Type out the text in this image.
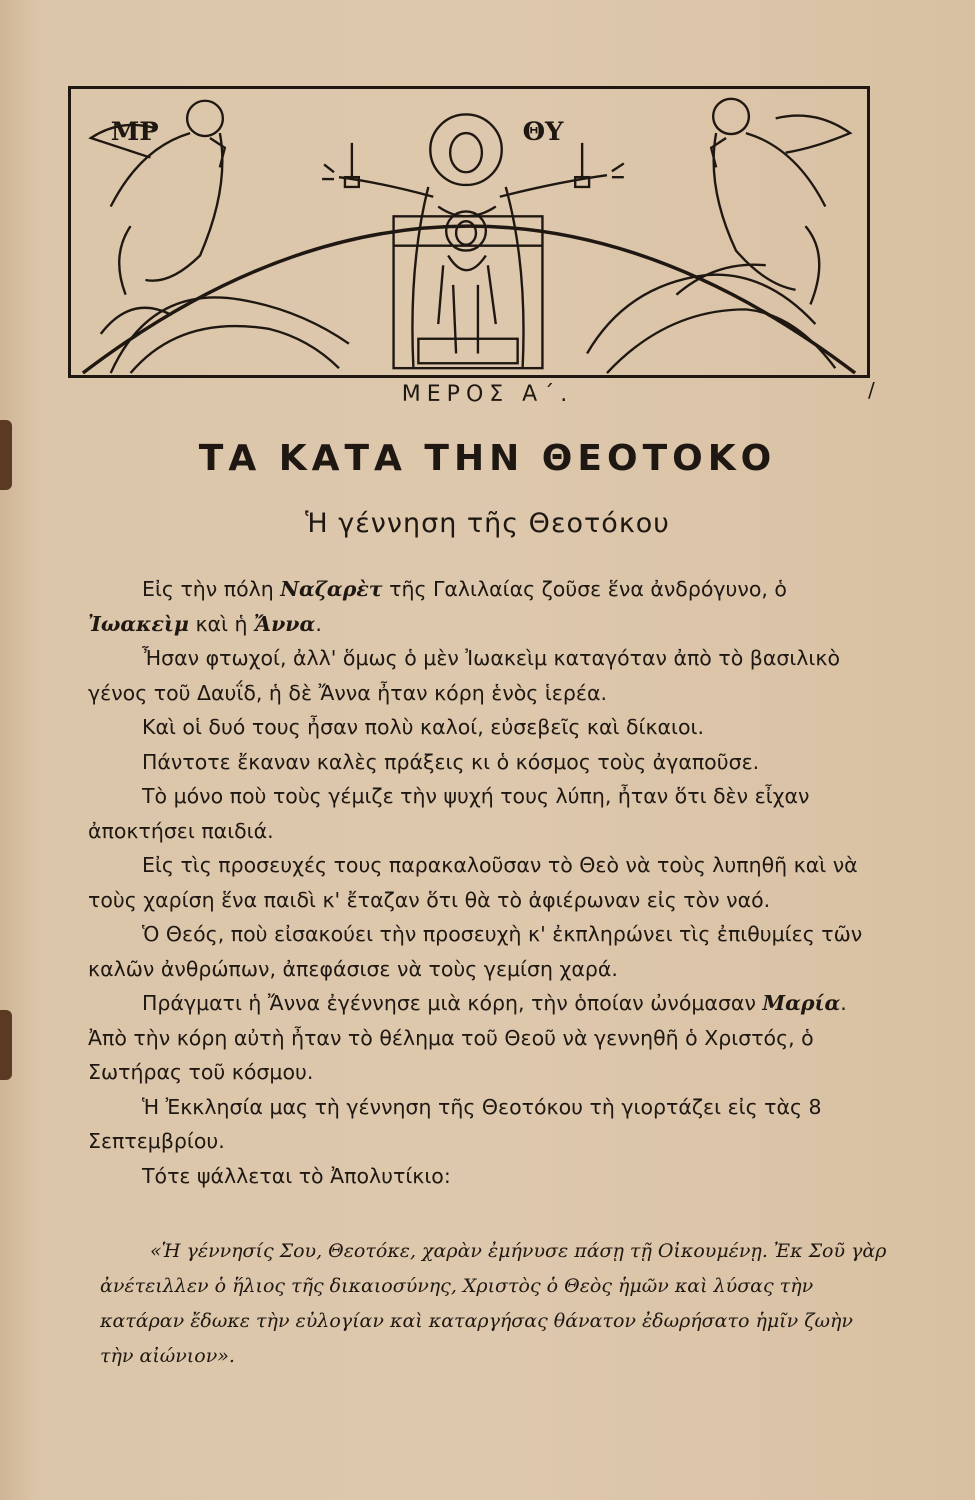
ΜΡ	ΘΥ
/
ΜΕΡΟΣ Α΄.
ΤΑ ΚΑΤΑ ΤΗΝ ΘΕΟΤΟΚΟ
Ἡ γέννηση τῆς Θεοτόκου

Εἰς τὴν πόλη Ναζαρὲτ τῆς Γαλιλαίας ζοῦσε ἕνα ἀνδρόγυνο, ὁ Ἰωακεὶμ καὶ ἡ Ἄννα.

Ἦσαν φτωχοί, ἀλλ' ὅμως ὁ μὲν Ἰωακεὶμ καταγόταν ἀπὸ τὸ βασιλικὸ γένος τοῦ Δαυΐδ, ἡ δὲ Ἄννα ἦταν κόρη ἑνὸς ἱερέα.

Καὶ οἱ δυό τους ἦσαν πολὺ καλοί, εὐσεβεῖς καὶ δίκαιοι.

Πάντοτε ἔκαναν καλὲς πράξεις κι ὁ κόσμος τοὺς ἀγαποῦσε.

Τὸ μόνο ποὺ τοὺς γέμιζε τὴν ψυχή τους λύπη, ἦταν ὅτι δὲν εἶχαν ἀποκτήσει παιδιά.

Εἰς τὶς προσευχές τους παρακαλοῦσαν τὸ Θεὸ νὰ τοὺς λυπηθῆ καὶ νὰ τοὺς χαρίση ἕνα παιδὶ κ' ἔταζαν ὅτι θὰ τὸ ἀφιέρωναν εἰς τὸν ναό.

Ὁ Θεός, ποὺ εἰσακούει τὴν προσευχὴ κ' ἐκπληρώνει τὶς ἐπιθυμίες τῶν καλῶν ἀνθρώπων, ἀπεφάσισε νὰ τοὺς γεμίση χαρά.

Πράγματι ἡ Ἄννα ἐγέννησε μιὰ κόρη, τὴν ὁποίαν ὠνόμασαν Μαρία. Ἀπὸ τὴν κόρη αὐτὴ ἦταν τὸ θέλημα τοῦ Θεοῦ νὰ γεννηθῆ ὁ Χριστός, ὁ Σωτήρας τοῦ κόσμου.

Ἡ Ἐκκλησία μας τὴ γέννηση τῆς Θεοτόκου τὴ γιορτάζει εἰς τὰς 8 Σεπτεμβρίου.

Τότε ψάλλεται τὸ Ἀπολυτίκιο:

«Ἡ γέννησίς Σου, Θεοτόκε, χαρὰν ἐμήνυσε πάσῃ τῇ Οἰκουμένῃ. Ἐκ Σοῦ γὰρ ἀνέτειλλεν ὁ ἥλιος τῆς δικαιοσύνης, Χριστὸς ὁ Θεὸς ἡμῶν καὶ λύσας τὴν κατάραν ἔδωκε τὴν εὐλογίαν καὶ καταργήσας θάνατον ἐδωρήσατο ἡμῖν ζωὴν τὴν αἰώνιον».
